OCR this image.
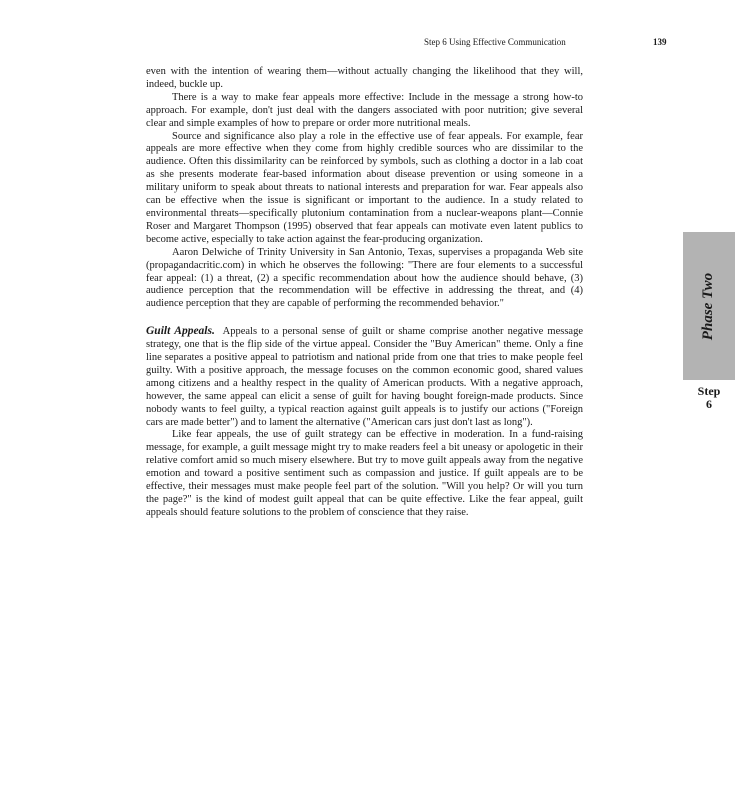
Step 6 Using Effective Communication	139

even with the intention of wearing them—without actually changing the likelihood that they will, indeed, buckle up.

There is a way to make fear appeals more effective: Include in the message a strong how-to approach. For example, don't just deal with the dangers associated with poor nutrition; give several clear and simple examples of how to prepare or order more nutritional meals.

Source and significance also play a role in the effective use of fear appeals. For example, fear appeals are more effective when they come from highly credible sources who are dissimilar to the audience. Often this dissimilarity can be reinforced by symbols, such as clothing a doctor in a lab coat as she presents moderate fear-based information about disease prevention or using someone in a military uniform to speak about threats to national interests and preparation for war. Fear appeals also can be effective when the issue is significant or important to the audience. In a study related to environmental threats—specifically plutonium contamination from a nuclear-weapons plant—Connie Roser and Margaret Thompson (1995) observed that fear appeals can motivate even latent publics to become active, especially to take action against the fear-producing organization.

Aaron Delwiche of Trinity University in San Antonio, Texas, supervises a propaganda Web site (propagandacritic.com) in which he observes the following: "There are four elements to a successful fear appeal: (1) a threat, (2) a specific recommendation about how the audience should behave, (3) audience perception that the recommendation will be effective in addressing the threat, and (4) audience perception that they are capable of performing the recommended behavior."

Guilt Appeals. Appeals to a personal sense of guilt or shame comprise another negative message strategy, one that is the flip side of the virtue appeal. Consider the "Buy American" theme. Only a fine line separates a positive appeal to patriotism and national pride from one that tries to make people feel guilty. With a positive approach, the message focuses on the common economic good, shared values among citizens and a healthy respect in the quality of American products. With a negative approach, however, the same appeal can elicit a sense of guilt for having bought foreign-made products. Since nobody wants to feel guilty, a typical reaction against guilt appeals is to justify our actions ("Foreign cars are made better") and to lament the alternative ("American cars just don't last as long").

Like fear appeals, the use of guilt strategy can be effective in moderation. In a fund-raising message, for example, a guilt message might try to make readers feel a bit uneasy or apologetic in their relative comfort amid so much misery elsewhere. But try to move guilt appeals away from the negative emotion and toward a positive sentiment such as compassion and justice. If guilt appeals are to be effective, their messages must make people feel part of the solution. "Will you help? Or will you turn the page?" is the kind of modest guilt appeal that can be quite effective. Like the fear appeal, guilt appeals should feature solutions to the problem of conscience that they raise.

Phase Two
Step
6
